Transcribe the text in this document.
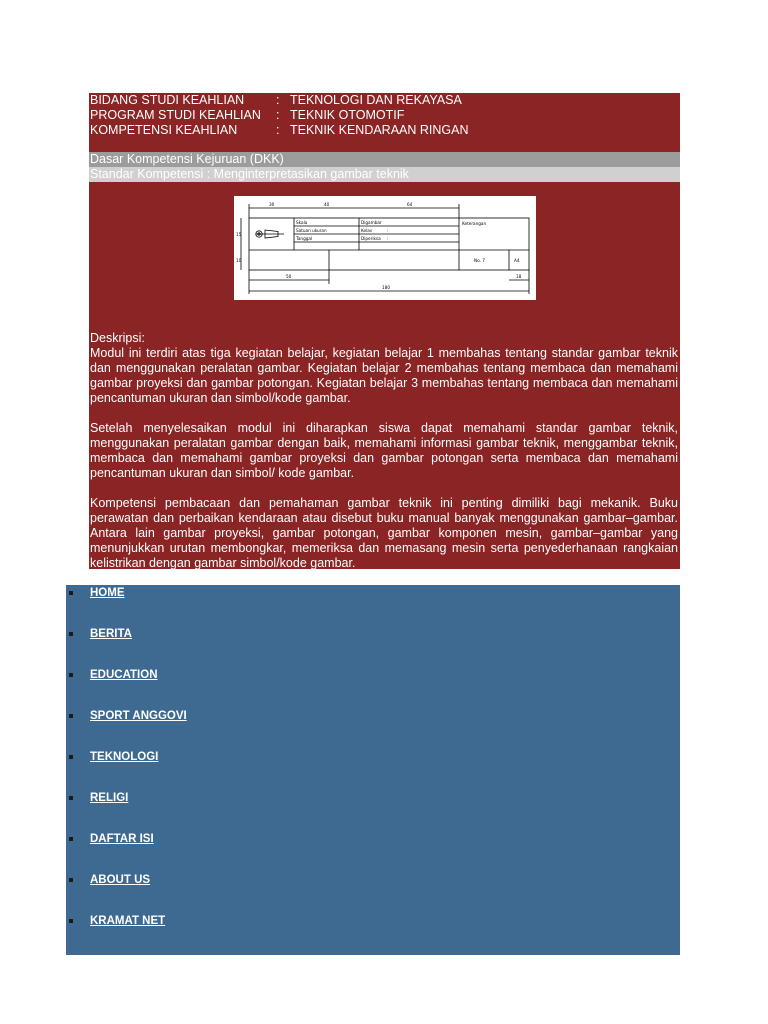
BIDANG STUDI KEAHLIAN	: TEKNOLOGI DAN REKAYASA
PROGRAM STUDI KEAHLIAN : TEKNIK OTOMOTIF
KOMPETENSI KEAHLIAN	: TEKNIK KENDARAAN RINGAN
Dasar Kompetensi Kejuruan (DKK)
Standar Kompetensi : Menginterpretasikan gambar teknik
30	40	64
15
10
50	18
180
Skala	Digambar
Satuan ukuran	Kelas	:
Tanggal	Diperiksa :
Keterangan
No. 7	A4

Deskripsi:

Modul ini terdiri atas tiga kegiatan belajar, kegiatan belajar 1 membahas tentang standar gambar teknik dan menggunakan peralatan gambar. Kegiatan belajar 2 membahas tentang membaca dan memahami gambar proyeksi dan gambar potongan. Kegiatan belajar 3 membahas tentang membaca dan memahami pencantuman ukuran dan simbol/kode gambar.

Setelah menyelesaikan modul ini diharapkan siswa dapat memahami standar gambar teknik, menggunakan peralatan gambar dengan baik, memahami informasi gambar teknik, menggambar teknik, membaca dan memahami gambar proyeksi dan gambar potongan serta membaca dan memahami pencantuman ukuran dan simbol/ kode gambar.

Kompetensi pembacaan dan pemahaman gambar teknik ini penting dimiliki bagi mekanik. Buku perawatan dan perbaikan kendaraan atau disebut buku manual banyak menggunakan gambar–gambar. Antara lain gambar proyeksi, gambar potongan, gambar komponen mesin, gambar–gambar yang menunjukkan urutan membongkar, memeriksa dan memasang mesin serta penyederhanaan rangkaian kelistrikan dengan gambar simbol/kode gambar.

HOME
BERITA
EDUCATION
SPORT ANGGOVI
TEKNOLOGI
RELIGI
DAFTAR ISI
ABOUT US
KRAMAT NET
